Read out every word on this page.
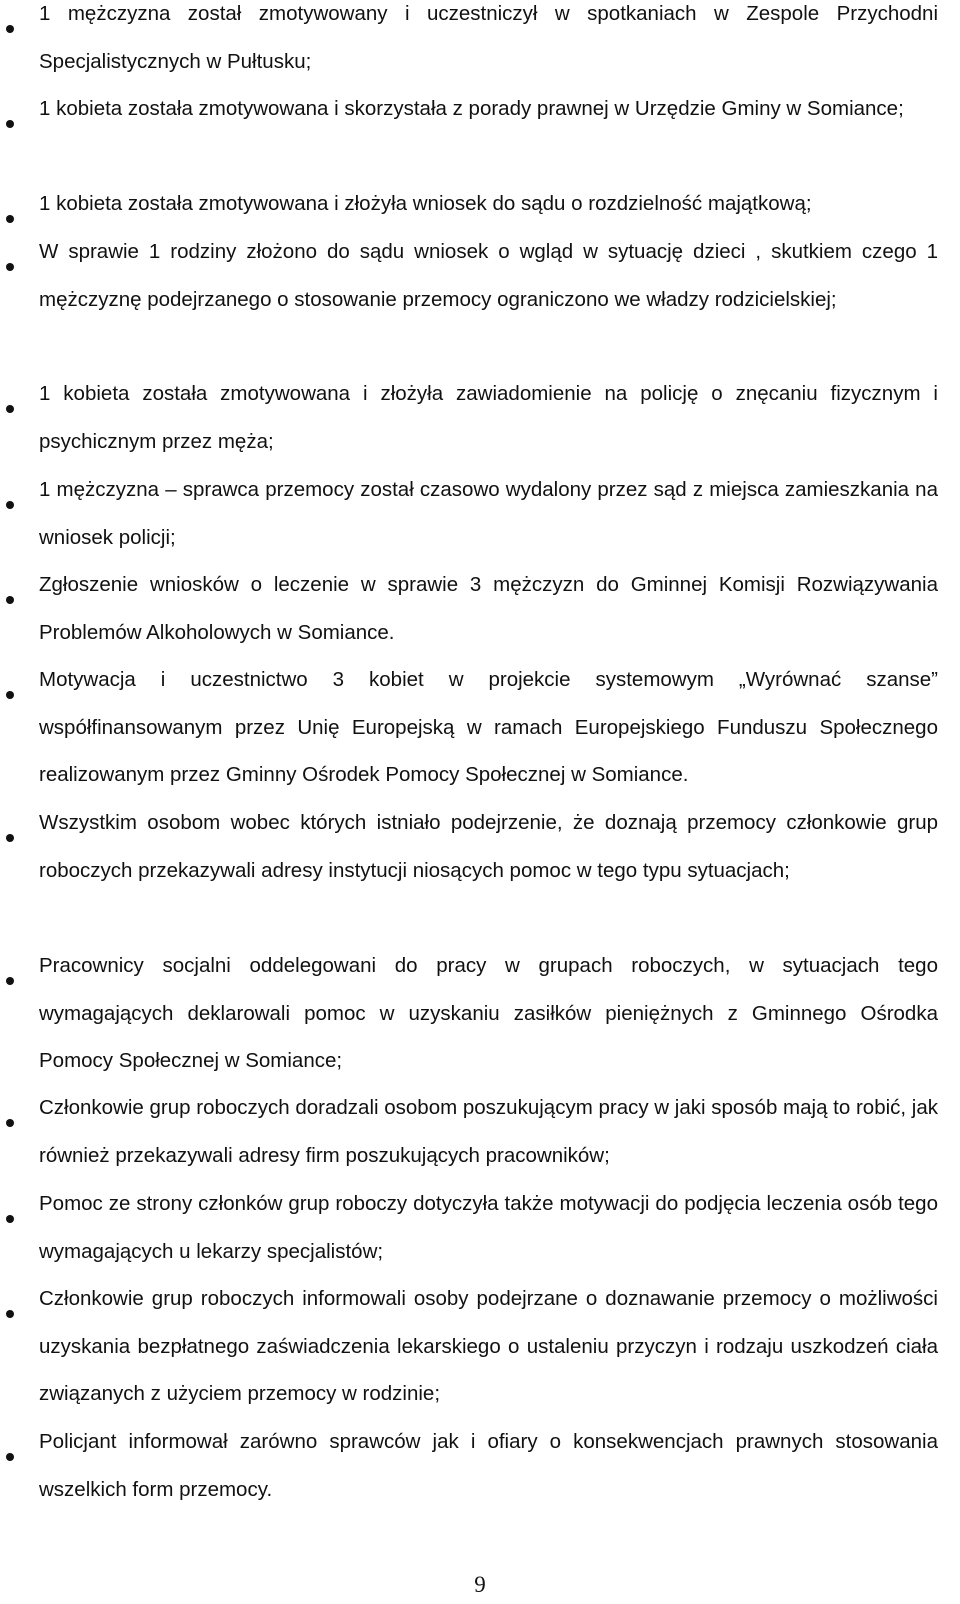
1 mężczyzna został zmotywowany i uczestniczył w spotkaniach w Zespole Przychodni Specjalistycznych w Pułtusku;
1 kobieta została zmotywowana i skorzystała z porady prawnej w Urzędzie Gminy w Somiance;
1 kobieta została zmotywowana i złożyła wniosek do sądu o rozdzielność majątkową;
W sprawie 1 rodziny złożono do sądu wniosek o wgląd w sytuację dzieci , skutkiem czego 1 mężczyznę podejrzanego o stosowanie przemocy ograniczono we władzy rodzicielskiej;
1 kobieta została zmotywowana i złożyła zawiadomienie na policję o znęcaniu fizycznym i psychicznym przez męża;
1 mężczyzna – sprawca przemocy został czasowo wydalony przez sąd z miejsca zamieszkania na wniosek policji;
Zgłoszenie wniosków o leczenie w sprawie 3 mężczyzn do Gminnej Komisji Rozwiązywania Problemów Alkoholowych w Somiance.
Motywacja i uczestnictwo 3 kobiet w projekcie systemowym „Wyrównać szanse” współfinansowanym przez Unię Europejską w ramach Europejskiego Funduszu Społecznego realizowanym przez Gminny Ośrodek Pomocy Społecznej w Somiance.
Wszystkim osobom wobec których istniało podejrzenie, że doznają przemocy członkowie grup roboczych przekazywali adresy instytucji niosących pomoc w tego typu sytuacjach;
Pracownicy socjalni oddelegowani do pracy w grupach roboczych, w sytuacjach tego wymagających deklarowali pomoc w uzyskaniu zasiłków pieniężnych z Gminnego Ośrodka Pomocy Społecznej w Somiance;
Członkowie grup roboczych doradzali osobom poszukującym pracy w jaki sposób mają to robić, jak również przekazywali adresy firm poszukujących pracowników;
Pomoc ze strony członków grup roboczy dotyczyła także motywacji do podjęcia leczenia osób tego wymagających u lekarzy specjalistów;
Członkowie grup roboczych informowali osoby podejrzane o doznawanie przemocy o możliwości uzyskania bezpłatnego zaświadczenia lekarskiego o ustaleniu przyczyn i rodzaju uszkodzeń ciała związanych z użyciem przemocy w rodzinie;
Policjant informował zarówno sprawców jak i ofiary o konsekwencjach prawnych stosowania wszelkich form przemocy.
9
